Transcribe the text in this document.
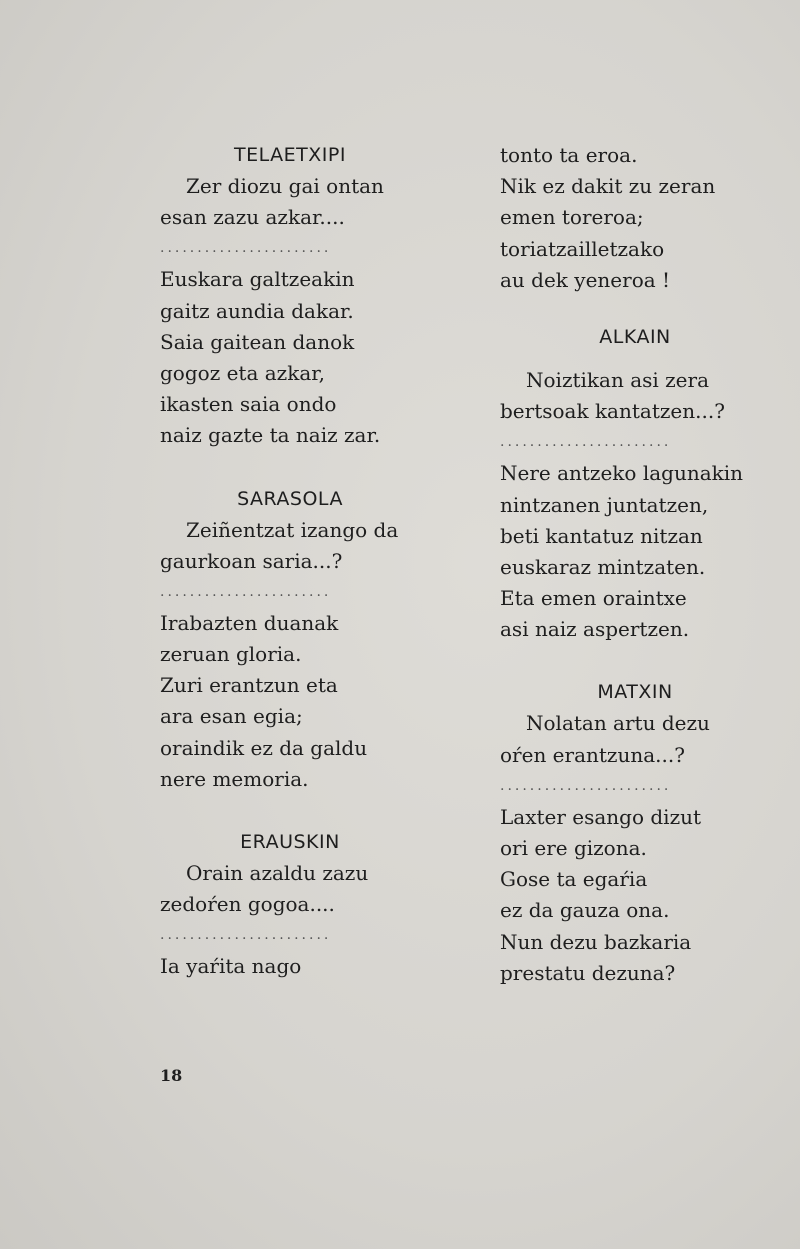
TELAETXIPI
Zer diozu gai ontan
esan zazu azkar....
.......................
Euskara galtzeakin
gaitz aundia dakar.
Saia gaitean danok
gogoz eta azkar,
ikasten saia ondo
naiz gazte ta naiz zar.
SARASOLA
Zeiñentzat izango da
gaurkoan saria...?
.......................
Irabazten duanak
zeruan gloria.
Zuri erantzun eta
ara esan egia;
oraindik ez da galdu
nere memoria.
ERAUSKIN
Orain azaldu zazu
zedoŕen gogoa....
.......................
Ia yaŕita nago
tonto ta eroa.
Nik ez dakit zu zeran
emen toreroa;
toriatzailletzako
au dek yeneroa !
ALKAIN
Noiztikan asi zera
bertsoak kantatzen...?
.......................
Nere antzeko lagunakin
nintzanen juntatzen,
beti kantatuz nitzan
euskaraz mintzaten.
Eta emen oraintxe
asi naiz aspertzen.
MATXIN
Nolatan artu dezu
oŕen erantzuna...?
.......................
Laxter esango dizut
ori ere gizona.
Gose ta egaŕia
ez da gauza ona.
Nun dezu bazkaria
prestatu dezuna?
18
